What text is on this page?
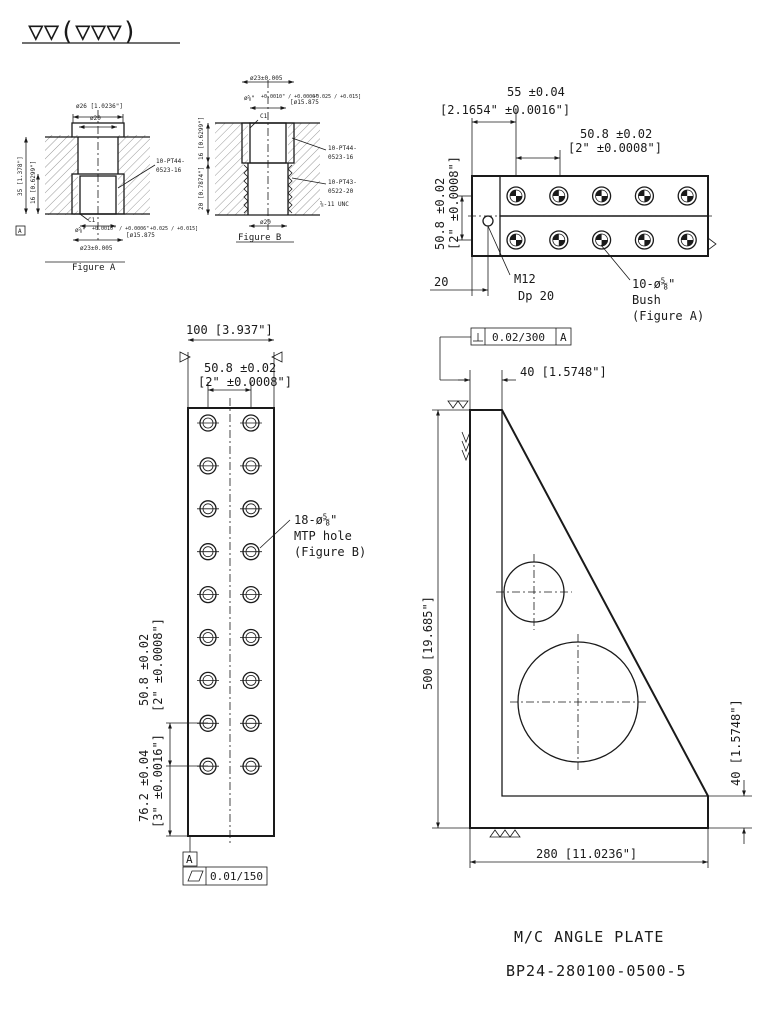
▽▽(▽▽▽)
ø26 [1.0236"]
ø20
10-PT44-
0523-16
35 [1.378"] 16 [0.6299"]
C1
ø⅝" +0.0010" / +0.0006"
[ø15.875
+0.025 / +0.015]
ø23±0.005
A
Figure A
ø23±0.005
ø⅝" +0.0010" / +0.0006"
[ø15.875
+0.025 / +0.015]
C1
16 [0.6299"]
20 [0.7874"]
10-PT44-
0523-16
10-PT43-
0522-20
⅝-11 UNC
ø20
Figure B
55 ±0.04
[2.1654" ±0.0016"]
50.8 ±0.02
[2" ±0.0008"]
50.8 ±0.02 [2" ±0.0008"]
20	M12
Dp 20
10-ø⅝"
Bush
(Figure A)
100 [3.937"]
50.8 ±0.02
[2" ±0.0008"]
18-ø⅝"
MTP hole
(Figure B)
50.8 ±0.02 [2" ±0.0008"]
76.2 ±0.04 [3" ±0.0016"]
A
0.01/150
0.02/300 A
40 [1.5748"]
500 [19.685"]
40 [1.5748"]
280 [11.0236"]
M/C ANGLE PLATE
BP24-280100-0500-5
